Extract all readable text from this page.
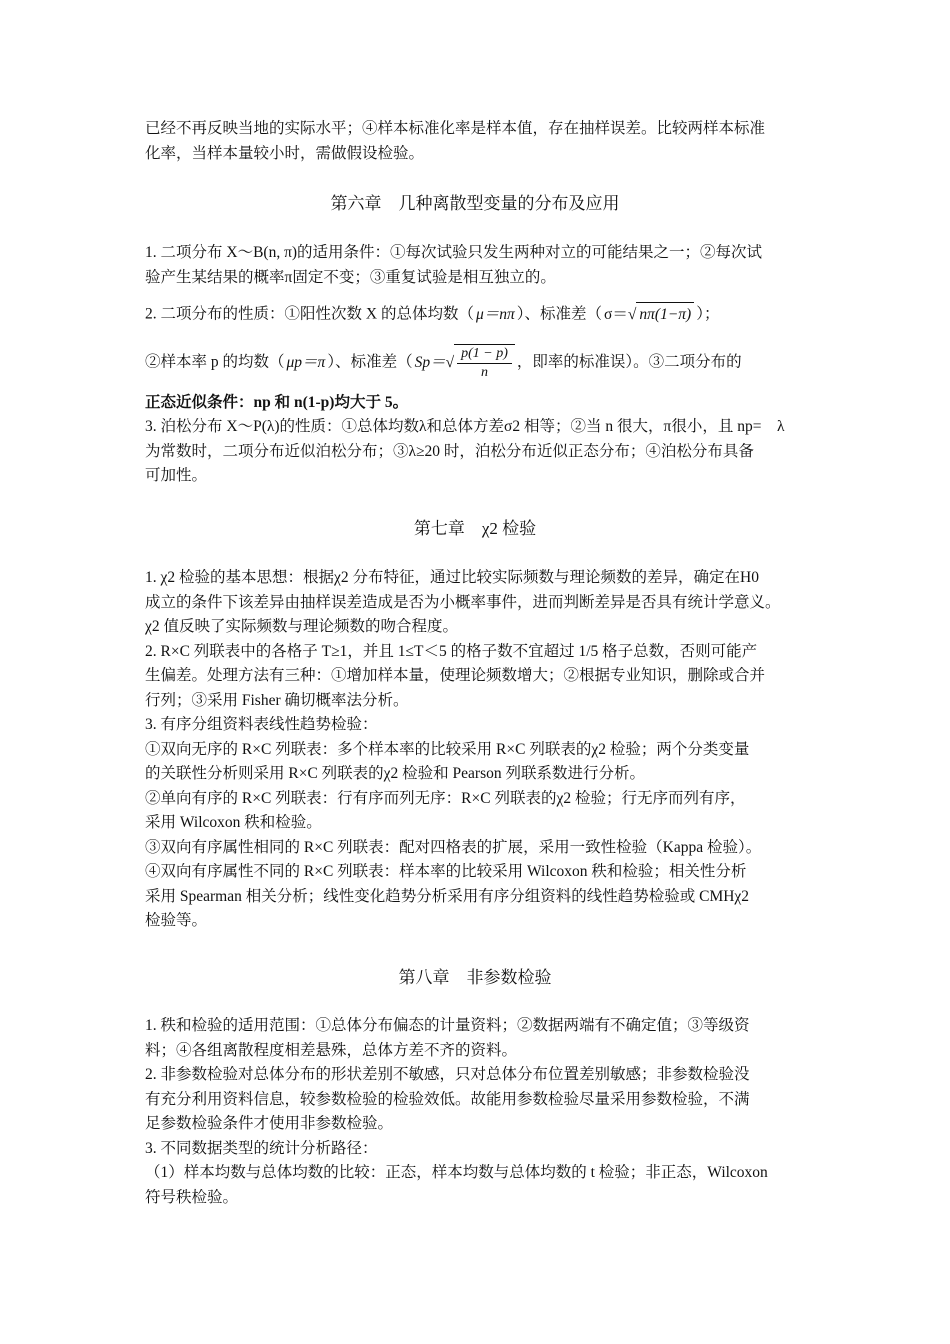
已经不再反映当地的实际水平；④样本标准化率是样本值，存在抽样误差。比较两样本标准

化率，当样本量较小时，需做假设检验。

第六章　几种离散型变量的分布及应用

1. 二项分布 X～B(n, π)的适用条件：①每次试验只发生两种对立的可能结果之一；②每次试

验产生某结果的概率π固定不变；③重复试验是相互独立的。

2. 二项分布的性质：①阳性次数 X 的总体均数（ μ＝nπ ）、标准差（ σ＝√ nπ(1−π) ）；

②样本率 p 的均数（ μp＝π ）、标准差（ $Sp=√ \frac{p(1 - p)}{n}$ ，即率的标准误）。③二项分布的

正态近似条件：np 和 n(1-p)均大于 5。

3. 泊松分布 X～P(λ)的性质：①总体均数λ和总体方差σ2 相等；②当 n 很大，π很小，且 np=　λ

为常数时，二项分布近似泊松分布；③λ≥20 时，泊松分布近似正态分布；④泊松分布具备

可加性。

第七章　χ2 检验

1. χ2 检验的基本思想：根据χ2 分布特征，通过比较实际频数与理论频数的差异，确定在H0

成立的条件下该差异由抽样误差造成是否为小概率事件，进而判断差异是否具有统计学意义。

χ2 值反映了实际频数与理论频数的吻合程度。

2. R×C 列联表中的各格子 T≥1，并且 1≤T＜5 的格子数不宜超过 1/5 格子总数，否则可能产

生偏差。处理方法有三种：①增加样本量，使理论频数增大；②根据专业知识，删除或合并

行列；③采用 Fisher 确切概率法分析。

3. 有序分组资料表线性趋势检验：

①双向无序的 R×C 列联表：多个样本率的比较采用 R×C 列联表的χ2 检验；两个分类变量

的关联性分析则采用 R×C 列联表的χ2 检验和 Pearson 列联系数进行分析。

②单向有序的 R×C 列联表：行有序而列无序：R×C 列联表的χ2 检验；行无序而列有序，

采用 Wilcoxon 秩和检验。

③双向有序属性相同的 R×C 列联表：配对四格表的扩展，采用一致性检验（Kappa 检验）。

④双向有序属性不同的 R×C 列联表：样本率的比较采用 Wilcoxon 秩和检验；相关性分析

采用 Spearman 相关分析；线性变化趋势分析采用有序分组资料的线性趋势检验或 CMHχ2

检验等。

第八章　非参数检验

1. 秩和检验的适用范围：①总体分布偏态的计量资料；②数据两端有不确定值；③等级资

料；④各组离散程度相差悬殊，总体方差不齐的资料。

2. 非参数检验对总体分布的形状差别不敏感，只对总体分布位置差别敏感；非参数检验没

有充分利用资料信息，较参数检验的检验效低。故能用参数检验尽量采用参数检验，不满

足参数检验条件才使用非参数检验。

3. 不同数据类型的统计分析路径：

（1）样本均数与总体均数的比较：正态，样本均数与总体均数的 t 检验；非正态，Wilcoxon

符号秩检验。
